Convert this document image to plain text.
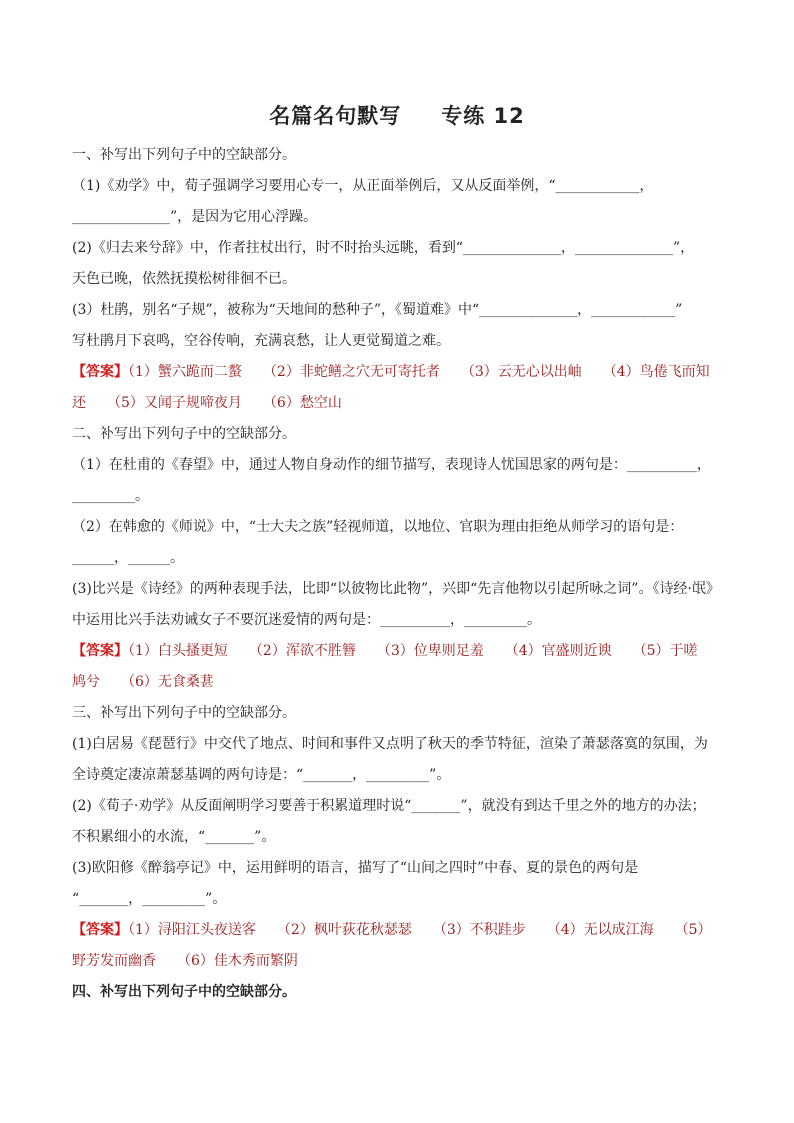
名篇名句默写 专练 12
一、补写出下列句子中的空缺部分。
（1)《劝学》中，荀子强调学习要用心专一，从正面举例后，又从反面举例，“____________，
______________”，是因为它用心浮躁。
(2)《归去来兮辞》中，作者拄杖出行，时不时抬头远眺，看到“______________，______________”，
天色已晚，依然抚摸松树徘徊不已。
(3）杜鹃，别名“子规”，被称为“天地间的愁种子”，《蜀道难》中“______________，____________”
写杜鹃月下哀鸣，空谷传响，充满哀愁，让人更觉蜀道之难。
【答案】（1）蟹六跪而二螯　　（2）非蛇鳝之穴无可寄托者　　（3）云无心以出岫　　（4）鸟倦飞而知
还　　（5）又闻子规啼夜月　　（6）愁空山
二、补写出下列句子中的空缺部分。
（1）在杜甫的《春望》中，通过人物自身动作的细节描写，表现诗人忧国思家的两句是：__________，
_________。
（2）在韩愈的《师说》中，“士大夫之族”轻视师道，以地位、官职为理由拒绝从师学习的语句是：
______，______。
(3)比兴是《诗经》的两种表现手法，比即“以彼物比此物”，兴即“先言他物以引起所咏之词”。《诗经·氓》
中运用比兴手法劝诫女子不要沉迷爱情的两句是：__________，_________。
【答案】（1）白头搔更短　　（2）浑欲不胜簪　　（3）位卑则足羞　　（4）官盛则近谀　　（5）于嗟
鸠兮　　（6）无食桑葚
三、补写出下列句子中的空缺部分。
(1)白居易《琵琶行》中交代了地点、时间和事件又点明了秋天的季节特征，渲染了萧瑟落寞的氛围，为
全诗奠定凄凉萧瑟基调的两句诗是：“_______，_________”。
(2)《荀子·劝学》从反面阐明学习要善于积累道理时说“_______”，就没有到达千里之外的地方的办法；
不积累细小的水流，“_______”。
(3)欧阳修《醉翁亭记》中，运用鲜明的语言，描写了“山间之四时”中春、夏的景色的两句是
“_______，_________”。
【答案】（1）浔阳江头夜送客　　（2）枫叶荻花秋瑟瑟　　（3）不积跬步　　（4）无以成江海　　（5）
野芳发而幽香　　（6）佳木秀而繁阴
四、补写出下列句子中的空缺部分。
